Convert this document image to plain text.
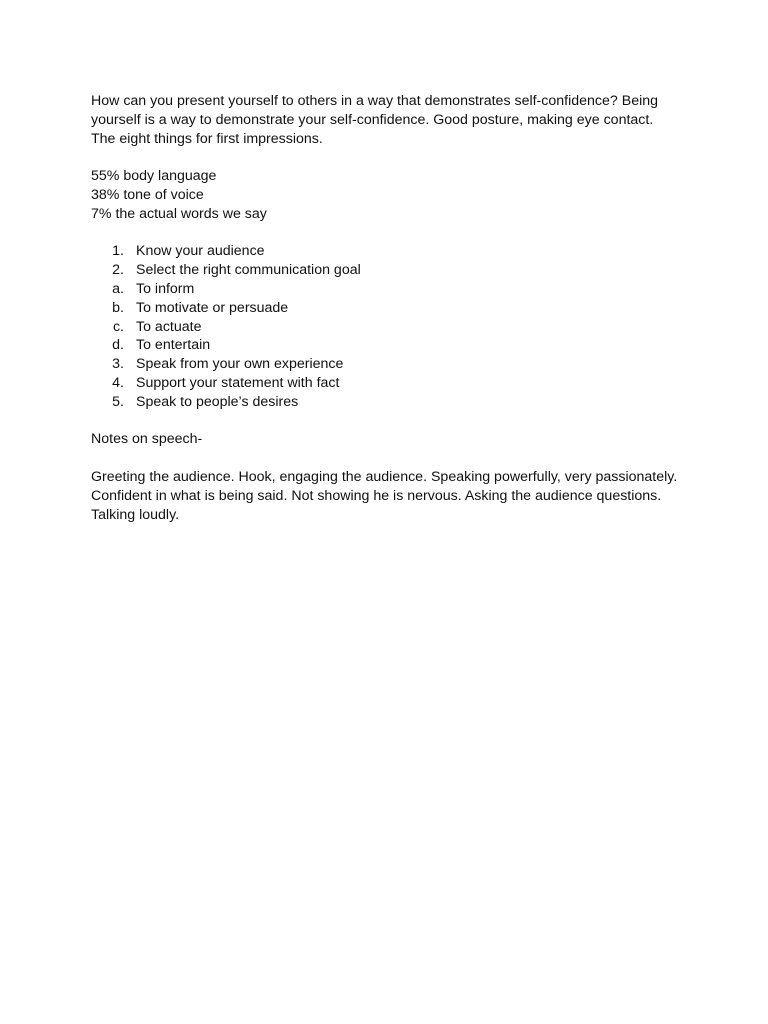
How can you present yourself to others in a way that demonstrates self-confidence? Being yourself is a way to demonstrate your self-confidence. Good posture, making eye contact. The eight things for first impressions.

55% body language
38% tone of voice
7% the actual words we say
1. Know your audience
2. Select the right communication goal
a. To inform
b. To motivate or persuade
c. To actuate
d. To entertain
3. Speak from your own experience
4. Support your statement with fact
5. Speak to people’s desires

Notes on speech-

Greeting the audience. Hook, engaging the audience. Speaking powerfully, very passionately. Confident in what is being said. Not showing he is nervous. Asking the audience questions. Talking loudly.
